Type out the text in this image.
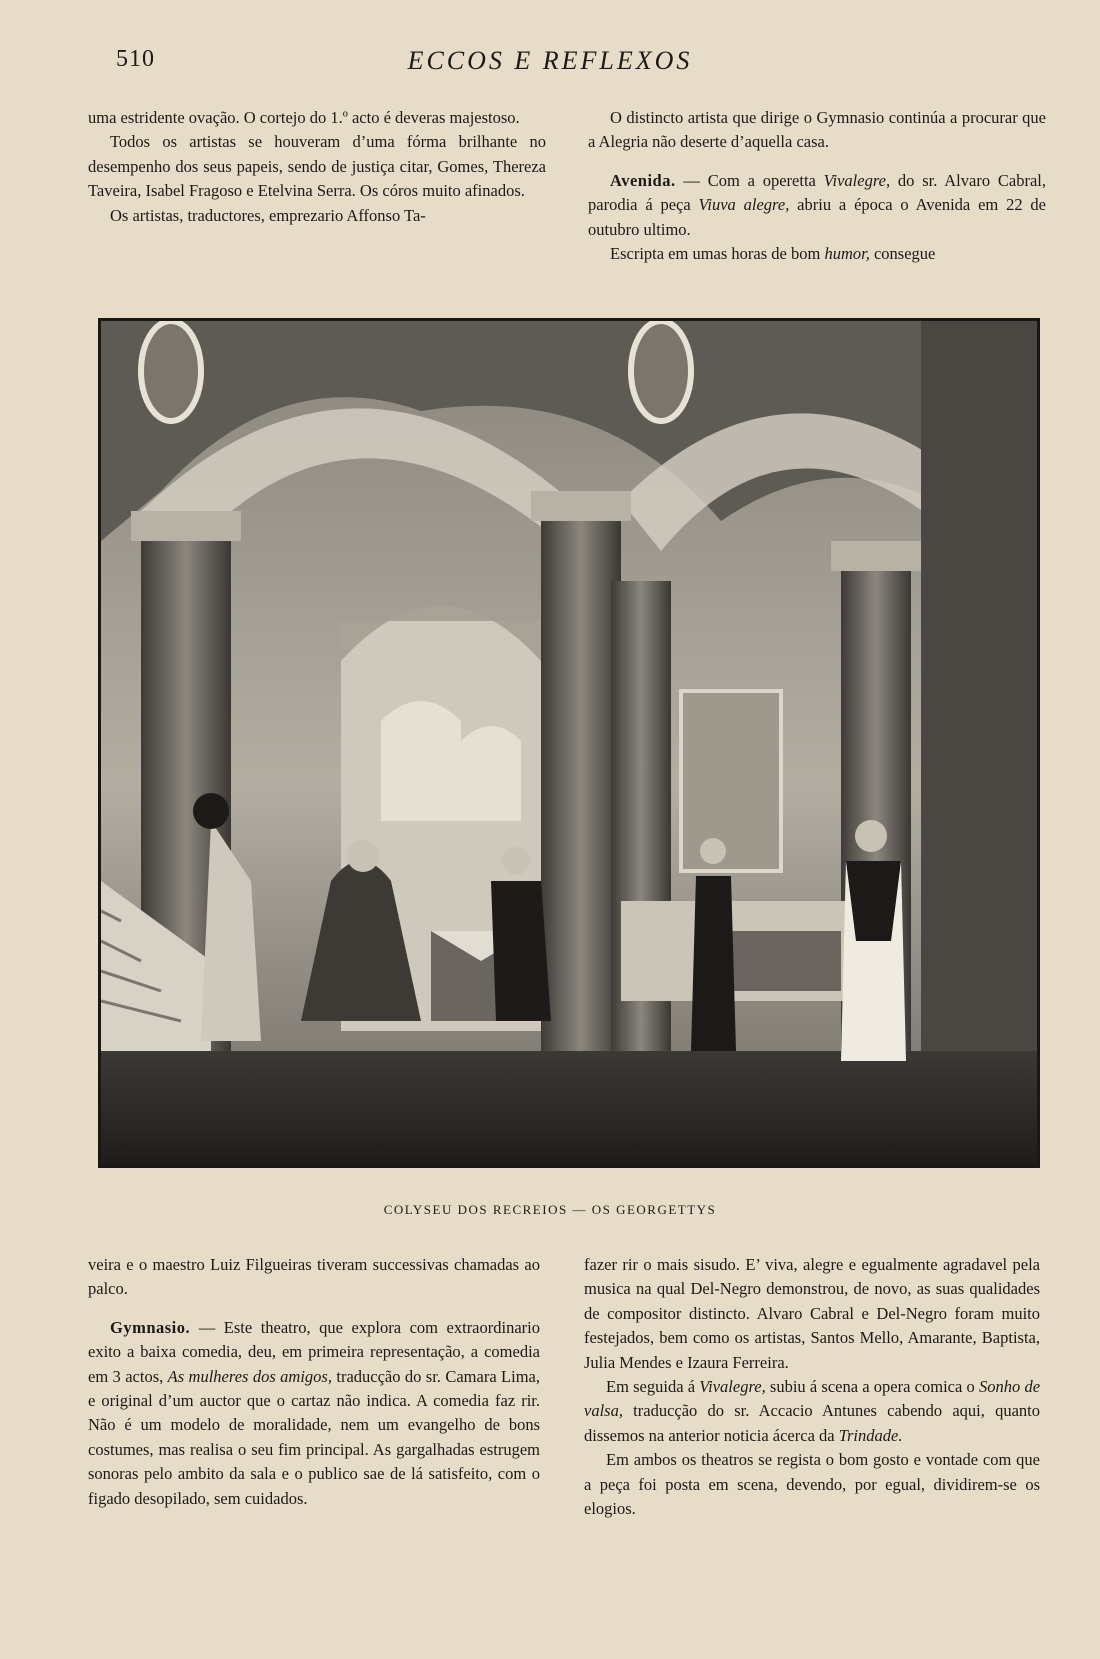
510	ECCOS E REFLEXOS

uma estridente ovação. O cortejo do 1.º acto é deveras majestoso.

Todos os artistas se houveram d’uma fórma brilhante no desempenho dos seus papeis, sendo de justiça citar, Gomes, Thereza Taveira, Isabel Fragoso e Etelvina Serra. Os córos muito afinados.

Os artistas, traductores, emprezario Affonso Ta-

O distincto artista que dirige o Gymnasio continúa a procurar que a Alegria não deserte d’aquella casa.

Avenida. — Com a operetta Vivalegre, do sr. Alvaro Cabral, parodia á peça Viuva alegre, abriu a época o Avenida em 22 de outubro ultimo.

Escripta em umas horas de bom humor, consegue

COLYSEU DOS RECREIOS — OS GEORGETTYS

veira e o maestro Luiz Filgueiras tiveram successivas chamadas ao palco.

Gymnasio. — Este theatro, que explora com extraordinario exito a baixa comedia, deu, em primeira representação, a comedia em 3 actos, As mulheres dos amigos, traducção do sr. Camara Lima, e original d’um auctor que o cartaz não indica. A comedia faz rir. Não é um modelo de moralidade, nem um evangelho de bons costumes, mas realisa o seu fim principal. As gargalhadas estrugem sonoras pelo ambito da sala e o publico sae de lá satisfeito, com o figado desopilado, sem cuidados.

fazer rir o mais sisudo. E’ viva, alegre e egualmente agradavel pela musica na qual Del-Negro demonstrou, de novo, as suas qualidades de compositor distincto. Alvaro Cabral e Del-Negro foram muito festejados, bem como os artistas, Santos Mello, Amarante, Baptista, Julia Mendes e Izaura Ferreira.

Em seguida á Vivalegre, subiu á scena a opera comica o Sonho de valsa, traducção do sr. Accacio Antunes cabendo aqui, quanto dissemos na anterior noticia ácerca da Trindade.

Em ambos os theatros se regista o bom gosto e vontade com que a peça foi posta em scena, devendo, por egual, dividirem-se os elogios.
